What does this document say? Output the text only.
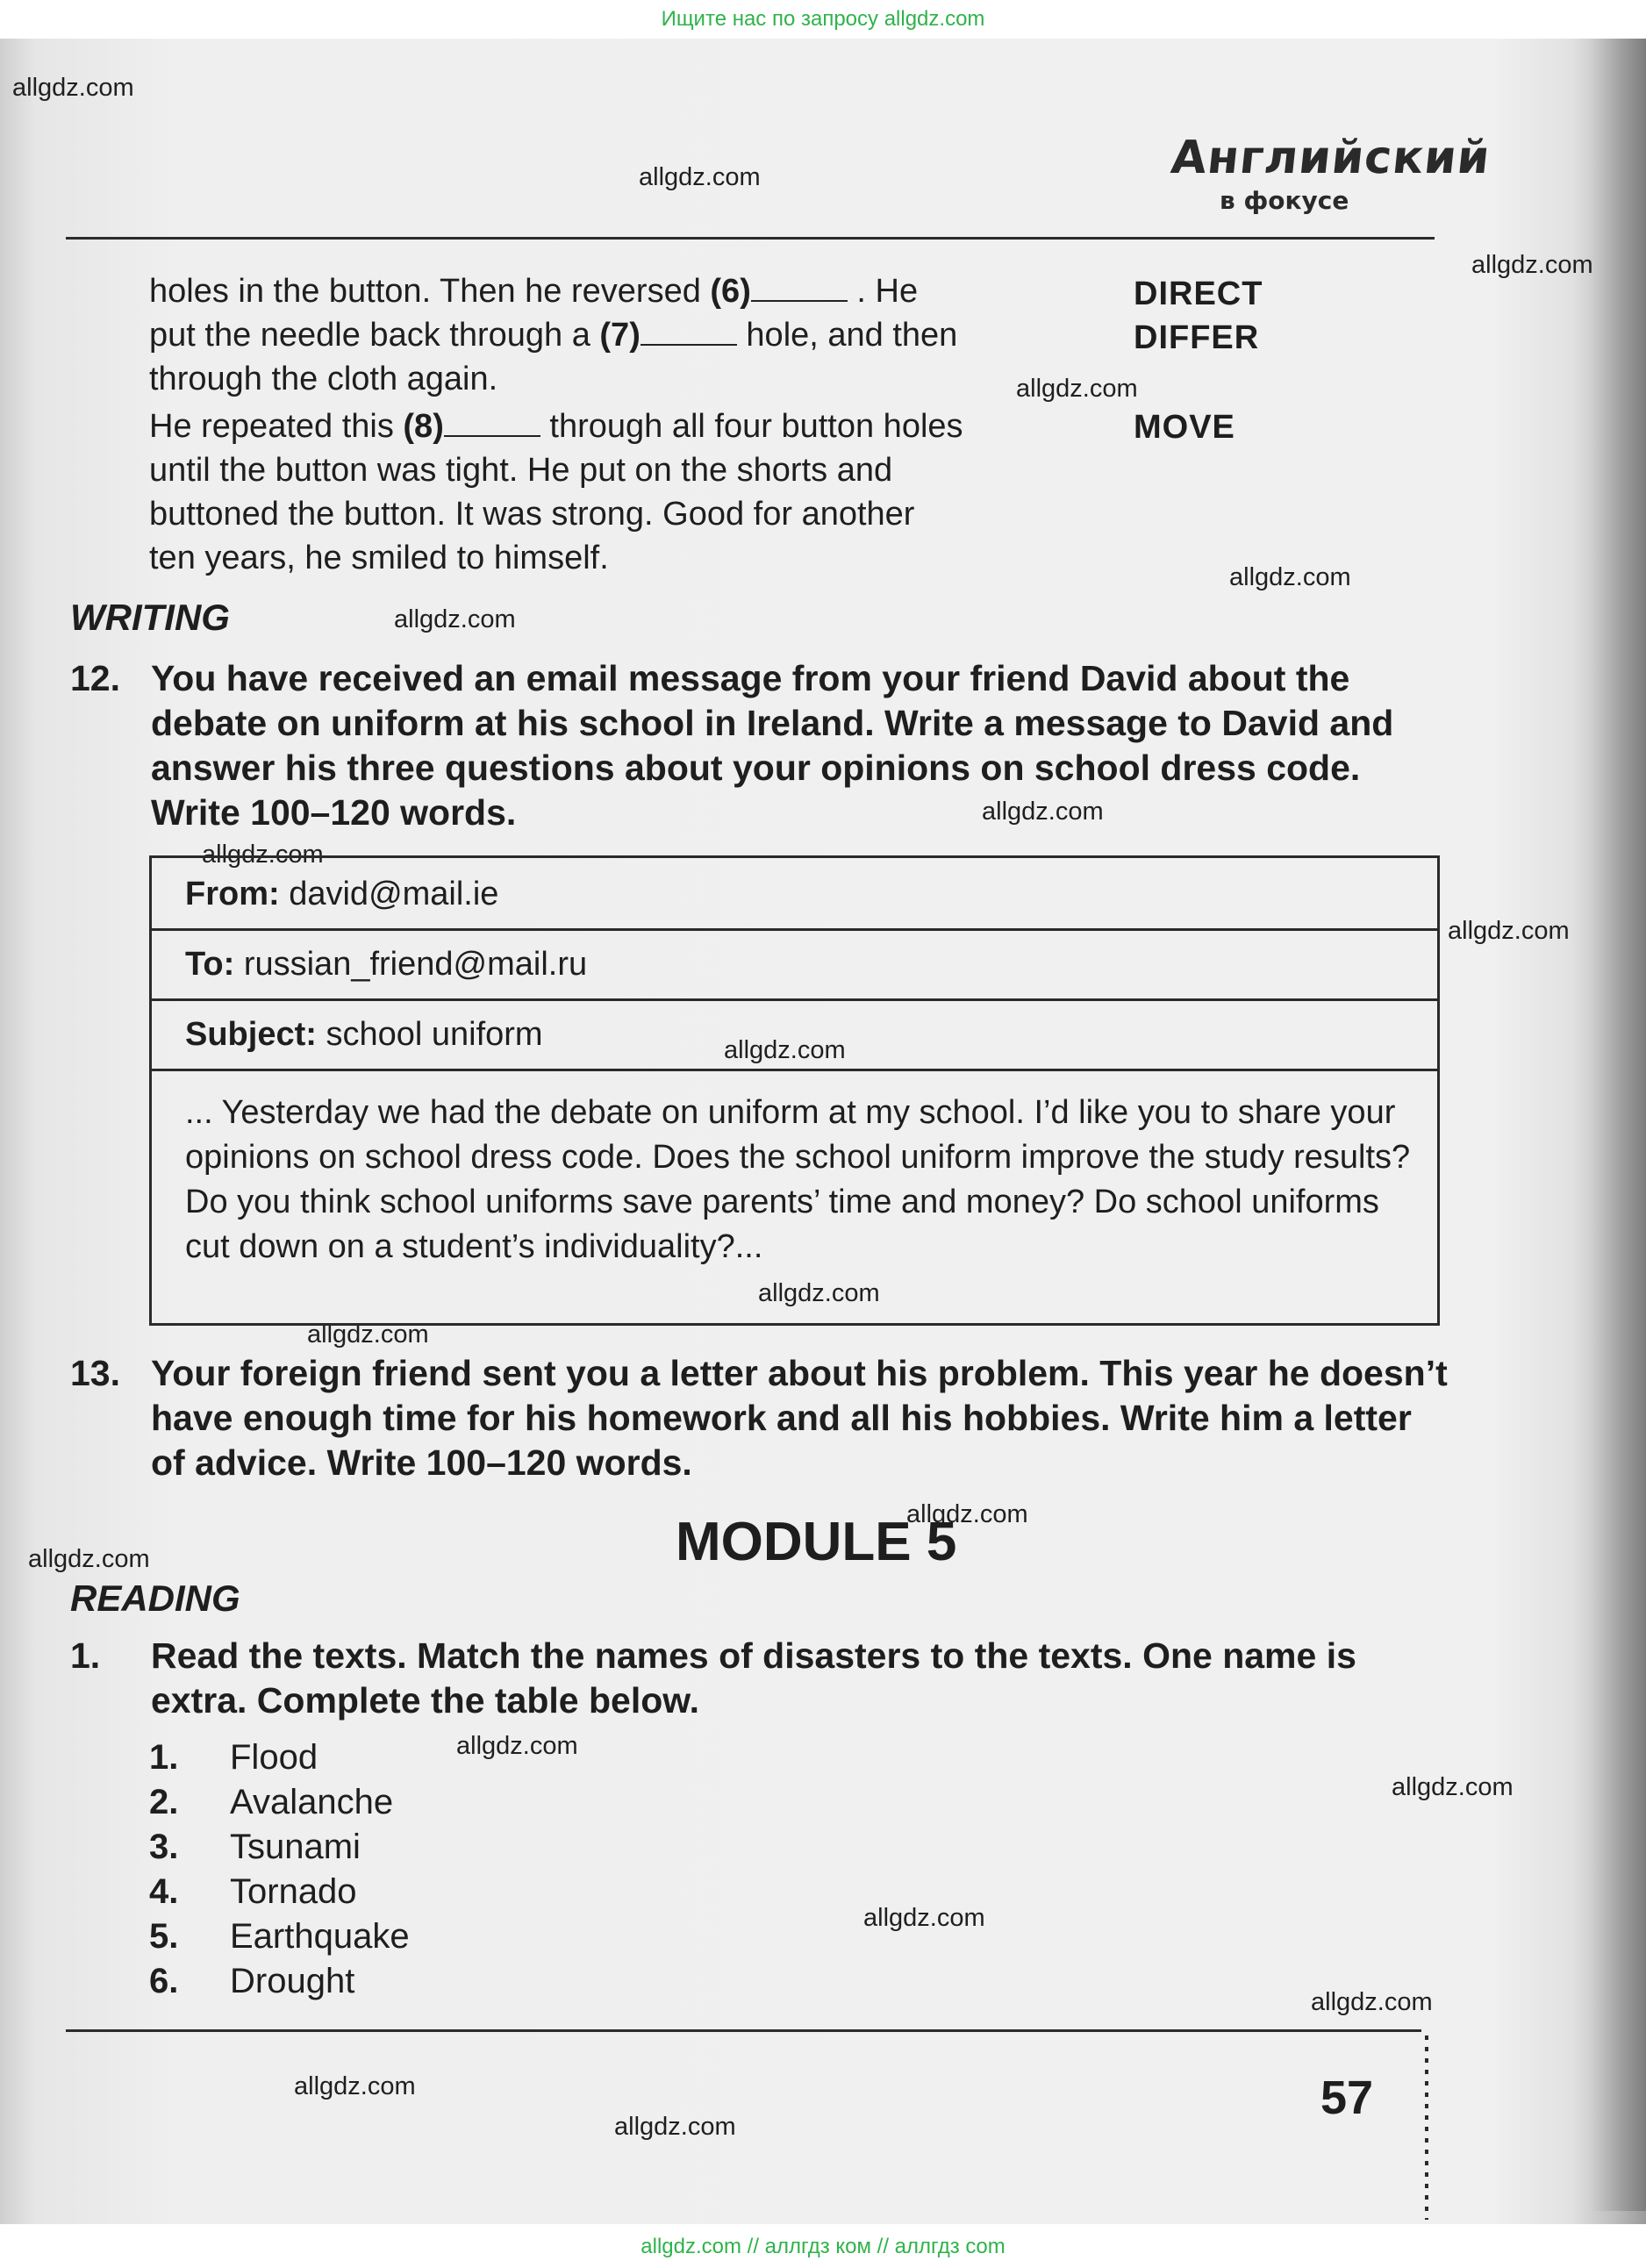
Ищите нас по запросу allgdz.com
allgdz.com // аллгдз ком // аллгдз com
allgdz.com
allgdz.com
allgdz.com
allgdz.com
allgdz.com
allgdz.com
allgdz.com
allgdz.com
allgdz.com
allgdz.com
allgdz.com
allgdz.com
allgdz.com
allgdz.com
allgdz.com
allgdz.com
allgdz.com
allgdz.com
allgdz.com
allgdz.com
Английский
в фокусе
holes in the button. Then he reversed (6)	. He	DIRECT
put the needle back through a (7)	hole, and then	DIFFER
through the cloth again.
He repeated this (8)	through all four button holes	MOVE
until the button was tight. He put on the shorts and
buttoned the button. It was strong. Good for another
ten years, he smiled to himself.
WRITING
12. You have received an email message from your friend David about the debate on uniform at his school in Ireland. Write a message to David and answer his three questions about your opinions on school dress code. Write 100–120 words.
From: david@mail.ie
To: russian_friend@mail.ru
Subject: school uniform
... Yesterday we had the debate on uniform at my school. I’d like you to share your opinions on school dress code. Does the school uniform improve the study results? Do you think school uniforms save parents’ time and money? Do school uniforms cut down on a student’s individuality?...
13. Your foreign friend sent you a letter about his problem. This year he doesn’t have enough time for his homework and all his hobbies. Write him a letter of advice. Write 100–120 words.
MODULE 5
READING
1. Read the texts. Match the names of disasters to the texts. One name is extra. Complete the table below.
1. Flood
2. Avalanche
3. Tsunami
4. Tornado
5. Earthquake
6. Drought
57
